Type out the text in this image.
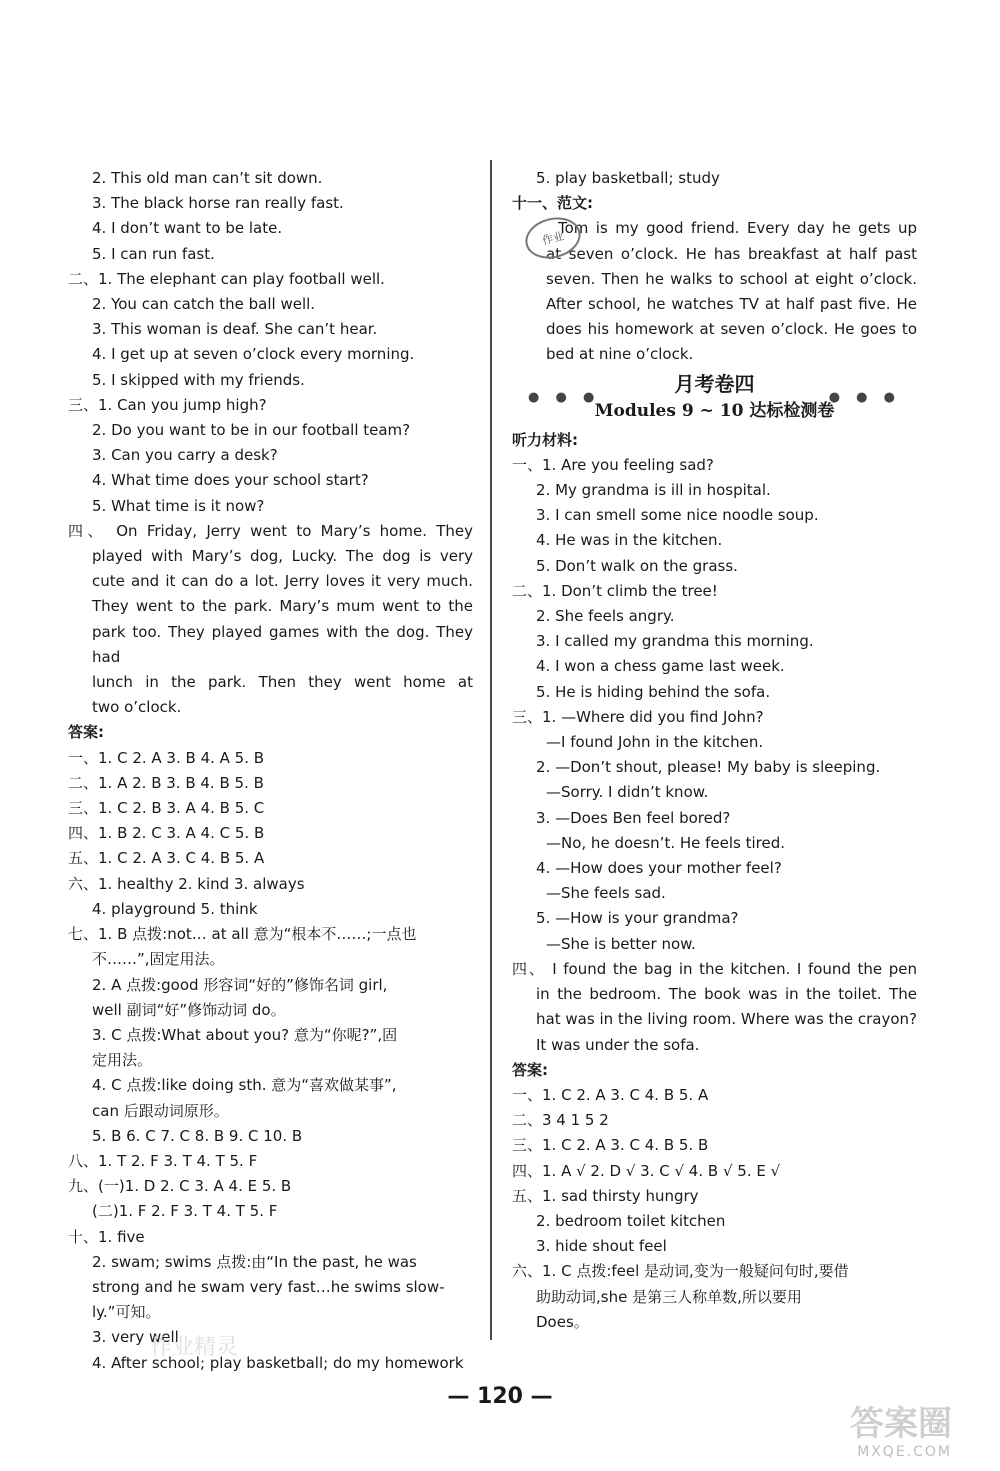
2. This old man can’t sit down.
3. The black horse ran really fast.
4. I don’t want to be late.
5. I can run fast.
二、1. The elephant can play football well.
2. You can catch the ball well.
3. This woman is deaf. She can’t hear.
4. I get up at seven o’clock every morning.
5. I skipped with my friends.
三、1. Can you jump high?
2. Do you want to be in our football team?
3. Can you carry a desk?
4. What time does your school start?
5. What time is it now?
四、 On Friday, Jerry went to Mary’s home. They
played with Mary’s dog, Lucky. The dog is very
cute and it can do a lot. Jerry loves it very much.
They went to the park. Mary’s mum went to the
park too. They played games with the dog. They had
lunch in the park. Then they went home at
two o’clock.
答案:
一、1. C 2. A 3. B 4. A 5. B
二、1. A 2. B 3. B 4. B 5. B
三、1. C 2. B 3. A 4. B 5. C
四、1. B 2. C 3. A 4. C 5. B
五、1. C 2. A 3. C 4. B 5. A
六、1. healthy 2. kind 3. always
4. playground 5. think
七、1. B 点拨:not… at all 意为“根本不……;一点也
不……”,固定用法。
2. A 点拨:good 形容词“好的”修饰名词 girl,
well 副词“好”修饰动词 do。
3. C 点拨:What about you? 意为“你呢?”,固
定用法。
4. C 点拨:like doing sth. 意为“喜欢做某事”,
can 后跟动词原形。
5. B 6. C 7. C 8. B 9. C 10. B
八、1. T 2. F 3. T 4. T 5. F
九、(一)1. D 2. C 3. A 4. E 5. B
(二)1. F 2. F 3. T 4. T 5. F
十、1. five
2. swam; swims 点拨:由“In the past, he was
strong and he swam very fast…he swims slow-
ly.”可知。
3. very well
4. After school; play basketball; do my homework
5. play basketball; study
十一、范文:
Tom is my good friend. Every day he gets up
at seven o’clock. He has breakfast at half past
seven. Then he walks to school at eight o’clock.
After school, he watches TV at half past five. He
does his homework at seven o’clock. He goes to
bed at nine o’clock.
● ● ●	● ● ●
月考卷四
Modules 9 ~ 10 达标检测卷
听力材料:
一、1. Are you feeling sad?
2. My grandma is ill in hospital.
3. I can smell some nice noodle soup.
4. He was in the kitchen.
5. Don’t walk on the grass.
二、1. Don’t climb the tree!
2. She feels angry.
3. I called my grandma this morning.
4. I won a chess game last week.
5. He is hiding behind the sofa.
三、1. —Where did you find John?
—I found John in the kitchen.
2. —Don’t shout, please! My baby is sleeping.
—Sorry. I didn’t know.
3. —Does Ben feel bored?
—No, he doesn’t. He feels tired.
4. —How does your mother feel?
—She feels sad.
5. —How is your grandma?
—She is better now.
四、 I found the bag in the kitchen. I found the pen
in the bedroom. The book was in the toilet. The
hat was in the living room. Where was the crayon?
It was under the sofa.
答案:
一、1. C 2. A 3. C 4. B 5. A
二、3 4 1 5 2
三、1. C 2. A 3. C 4. B 5. B
四、1. A √ 2. D √ 3. C √ 4. B √ 5. E √
五、1. sad thirsty hungry
2. bedroom toilet kitchen
3. hide shout feel
六、1. C 点拨:feel 是动词,变为一般疑问句时,要借
助助动词,she 是第三人称单数,所以要用
Does。
作业
作业精灵
— 120 —
答案圈
MXQE.COM
